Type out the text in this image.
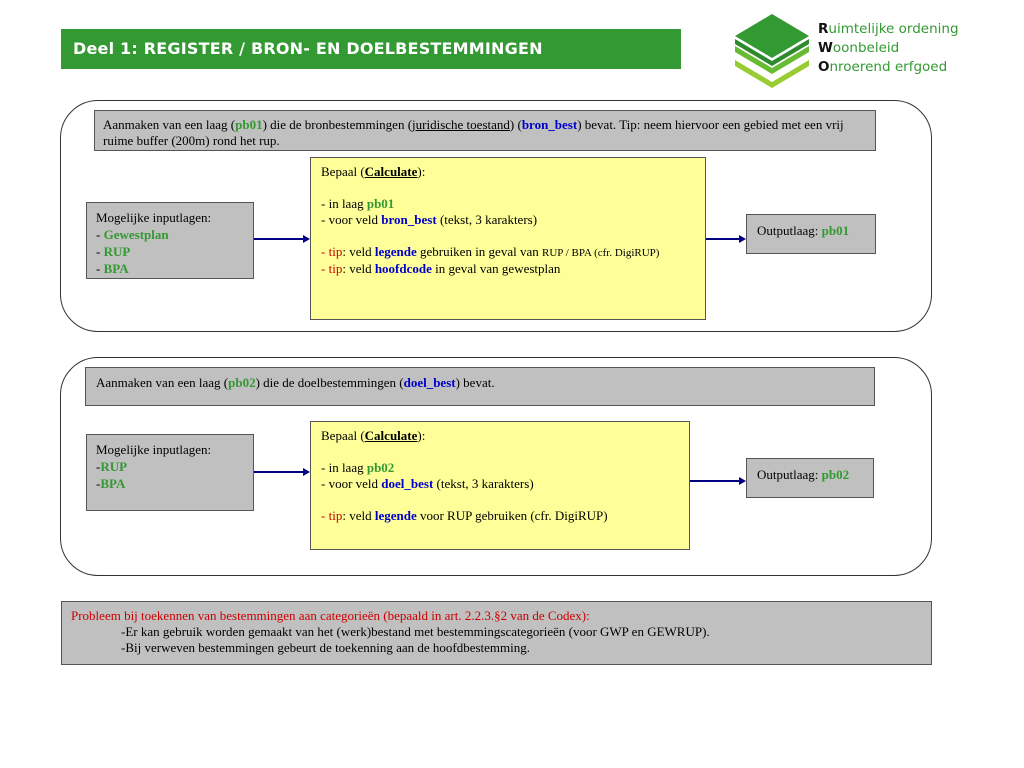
Deel 1: REGISTER / BRON- EN DOELBESTEMMINGEN
Ruimtelijke ordening
Woonbeleid
Onroerend erfgoed
Aanmaken van een laag (pb01) die de bronbestemmingen (juridische toestand) (bron_best) bevat. Tip: neem hiervoor een gebied met een vrij ruime buffer (200m) rond het rup.
Mogelijke inputlagen:
- Gewestplan
- RUP
- BPA
Bepaal (Calculate):
- in laag pb01
- voor veld bron_best (tekst, 3 karakters)
- tip: veld legende gebruiken in geval van RUP / BPA (cfr. DigiRUP)
- tip: veld hoofdcode in geval van gewestplan
Outputlaag: pb01
Aanmaken van een laag (pb02) die de doelbestemmingen (doel_best) bevat.
Mogelijke inputlagen:
-RUP
-BPA
Bepaal (Calculate):
- in laag pb02
- voor veld doel_best (tekst, 3 karakters)
- tip: veld legende voor RUP gebruiken (cfr. DigiRUP)
Outputlaag: pb02
Probleem bij toekennen van bestemmingen aan categorieën (bepaald in art. 2.2.3.§2 van de Codex):
-Er kan gebruik worden gemaakt van het (werk)bestand met bestemmingscategorieën (voor GWP en GEWRUP).
-Bij verweven bestemmingen gebeurt de toekenning aan de hoofdbestemming.
